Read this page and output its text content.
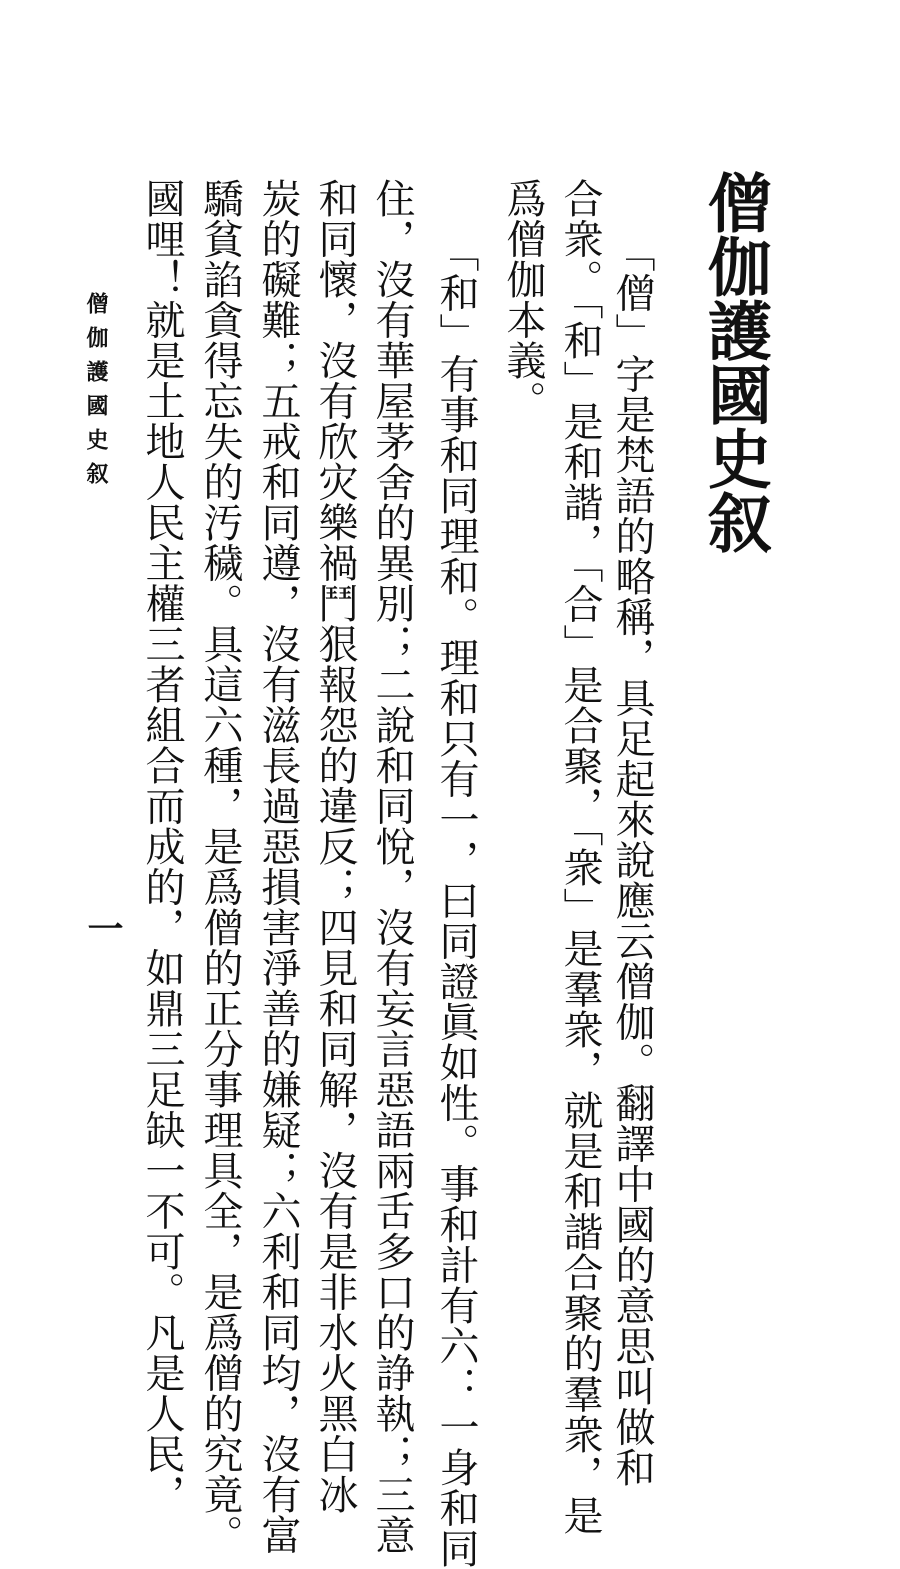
僧伽護國史叙
「僧」字是梵語的略稱，具足起來說應云僧伽。翻譯中國的意思叫做和
合衆。「和」是和諧，「合」是合聚，「衆」是羣衆，就是和諧合聚的羣衆，是
爲僧伽本義。
「和」有事和同理和。理和只有一，曰同證眞如性。事和計有六：一身和同
住，沒有華屋茅舍的異別；二說和同悅，沒有妄言惡語兩舌多口的諍執；三意
和同懷，沒有欣灾樂禍鬥狠報怨的違反；四見和同解，沒有是非水火黑白冰
炭的礙難；五戒和同遵，沒有滋長過惡損害淨善的嫌疑；六利和同均，沒有富
驕貧諂貪得忘失的汚穢。具這六種，是爲僧的正分事理具全，是爲僧的究竟。
國哩！就是土地人民主權三者組合而成的，如鼎三足缺一不可。凡是人民，
僧伽護國史叙
一
